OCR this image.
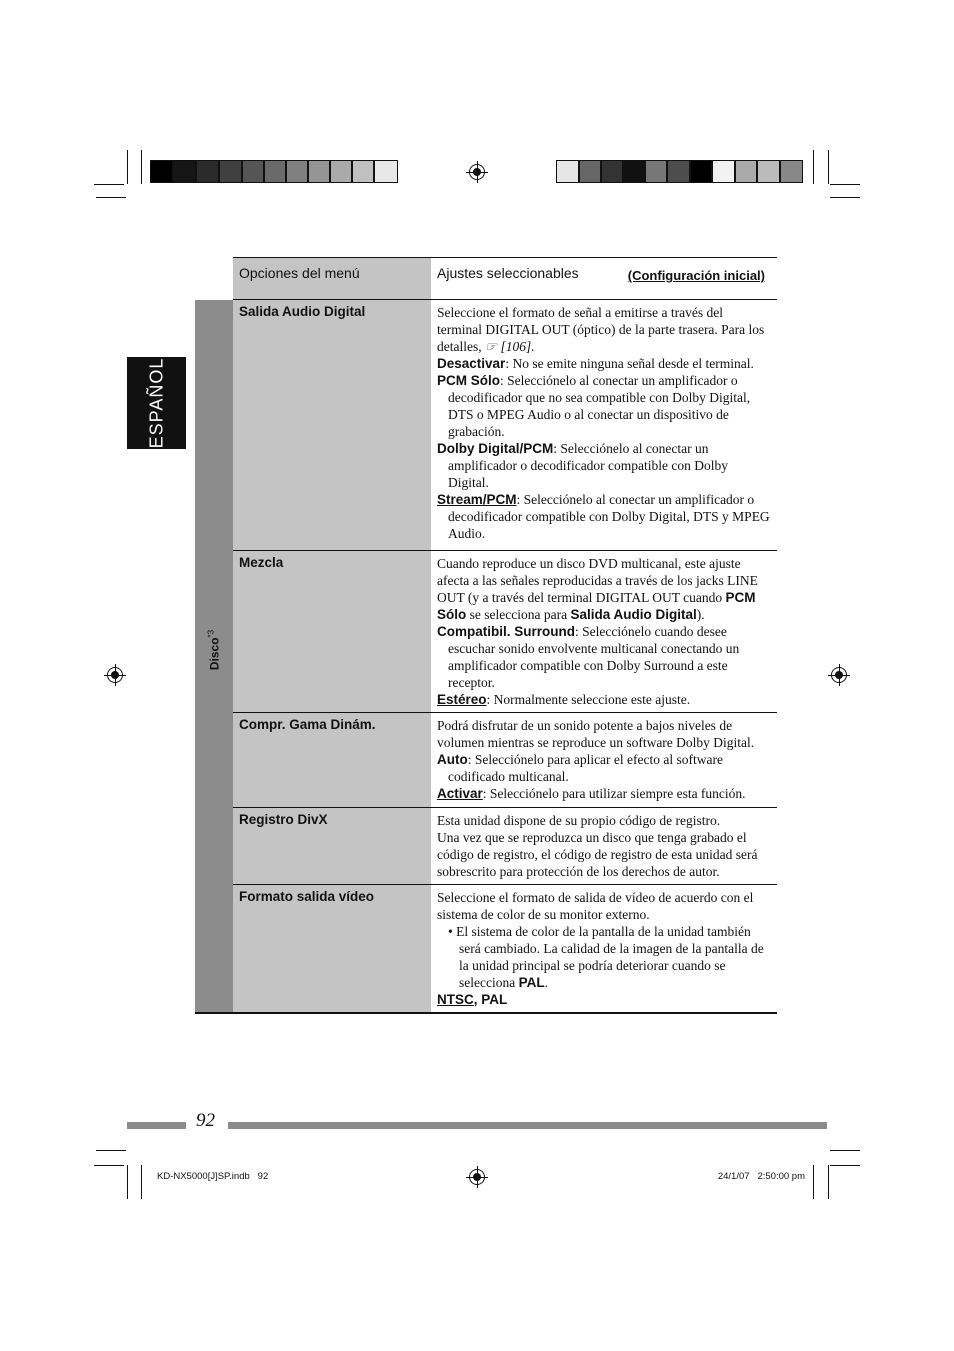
ESPAÑOL
	Opciones del menú	Ajustes seleccionables (Configuración inicial)

Disco$^{*3}$	Salida Audio Digital	Seleccione el formato de señal a emitirse a través del terminal DIGITAL OUT (óptico) de la parte trasera. Para los detalles, ☞ [106].
Desactivar: No se emite ninguna señal desde el terminal.
PCM Sólo: Selecciónelo al conectar un amplificador o decodificador que no sea compatible con Dolby Digital, DTS o MPEG Audio o al conectar un dispositivo de grabación.
Dolby Digital/PCM: Selecciónelo al conectar un amplificador o decodificador compatible con Dolby Digital.
Stream/PCM: Selecciónelo al conectar un amplificador o decodificador compatible con Dolby Digital, DTS y MPEG Audio.

	Mezcla	Cuando reproduce un disco DVD multicanal, este ajuste afecta a las señales reproducidas a través de los jacks LINE OUT (y a través del terminal DIGITAL OUT cuando PCM Sólo se selecciona para Salida Audio Digital).
Compatibil. Surround: Selecciónelo cuando desee escuchar sonido envolvente multicanal conectando un amplificador compatible con Dolby Surround a este receptor.
Estéreo: Normalmente seleccione este ajuste.

	Compr. Gama Dinám.	Podrá disfrutar de un sonido potente a bajos niveles de volumen mientras se reproduce un software Dolby Digital.
Auto: Selecciónelo para aplicar el efecto al software codificado multicanal.
Activar: Selecciónelo para utilizar siempre esta función.

	Registro DivX	Esta unidad dispone de su propio código de registro.
Una vez que se reproduzca un disco que tenga grabado el código de registro, el código de registro de esta unidad será sobrescrito para protección de los derechos de autor.

	Formato salida vídeo	Seleccione el formato de salida de vídeo de acuerdo con el sistema de color de su monitor externo.
• El sistema de color de la pantalla de la unidad también será cambiado. La calidad de la imagen de la pantalla de la unidad principal se podría deteriorar cuando se selecciona PAL.
NTSC, PAL
92
KD-NX5000[J]SP.indb   92	24/1/07   2:50:00 pm
